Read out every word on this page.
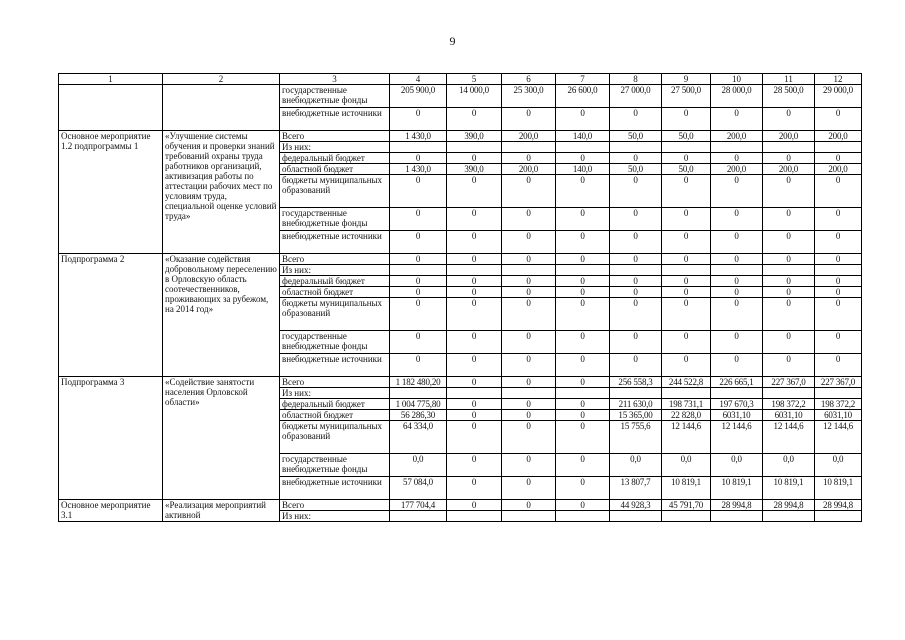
9
1	2	3	4	5	6	7	8	9	10	11	12
		государственные внебюджетные фонды	205 900,0	14 000,0	25 300,0	26 600,0	27 000,0	27 500,0	28 000,0	28 500,0	29 000,0
		внебюджетные источники	0	0	0	0	0	0	0	0	0
Основное мероприятие 1.2 подпрограммы 1	«Улучшение системы обучения и проверки знаний требований охраны труда работников организаций, активизация работы по аттестации рабочих мест по условиям труда, специальной оценке условий труда»	Всего	1 430,0	390,0	200,0	140,0	50,0	50,0	200,0	200,0	200,0
		Из них:									
		федеральный бюджет	0	0	0	0	0	0	0	0	0
		областной бюджет	1 430,0	390,0	200,0	140,0	50,0	50,0	200,0	200,0	200,0
		бюджеты муниципальных образований	0	0	0	0	0	0	0	0	0
		государственные внебюджетные фонды	0	0	0	0	0	0	0	0	0
		внебюджетные источники	0	0	0	0	0	0	0	0	0
Подпрограмма 2	«Оказание содействия добровольному переселению в Орловскую область соотечественников, проживающих за рубежом, на 2014 год»	Всего	0	0	0	0	0	0	0	0	0
		Из них:									
		федеральный бюджет	0	0	0	0	0	0	0	0	0
		областной бюджет	0	0	0	0	0	0	0	0	0
		бюджеты муниципальных образований	0	0	0	0	0	0	0	0	0
		государственные внебюджетные фонды	0	0	0	0	0	0	0	0	0
		внебюджетные источники	0	0	0	0	0	0	0	0	0
Подпрограмма 3	«Содействие занятости населения Орловской области»	Всего	1 182 480,20	0	0	0	256 558,3	244 522,8	226 665,1	227 367,0	227 367,0
		Из них:									
		федеральный бюджет	1 004 775,80	0	0	0	211 630,0	198 731,1	197 670,3	198 372,2	198 372,2
		областной бюджет	56 286,30	0	0	0	15 365,00	22 828,0	6031,10	6031,10	6031,10
		бюджеты муниципальных образований	64 334,0	0	0	0	15 755,6	12 144,6	12 144,6	12 144,6	12 144,6
		государственные внебюджетные фонды	0,0	0	0	0	0,0	0,0	0,0	0,0	0,0
		внебюджетные источники	57 084,0	0	0	0	13 807,7	10 819,1	10 819,1	10 819,1	10 819,1
Основное мероприятие 3.1	«Реализация мероприятий активной	Всего	177 704,4	0	0	0	44 928,3	45 791,70	28 994,8	28 994,8	28 994,8
		Из них:									
